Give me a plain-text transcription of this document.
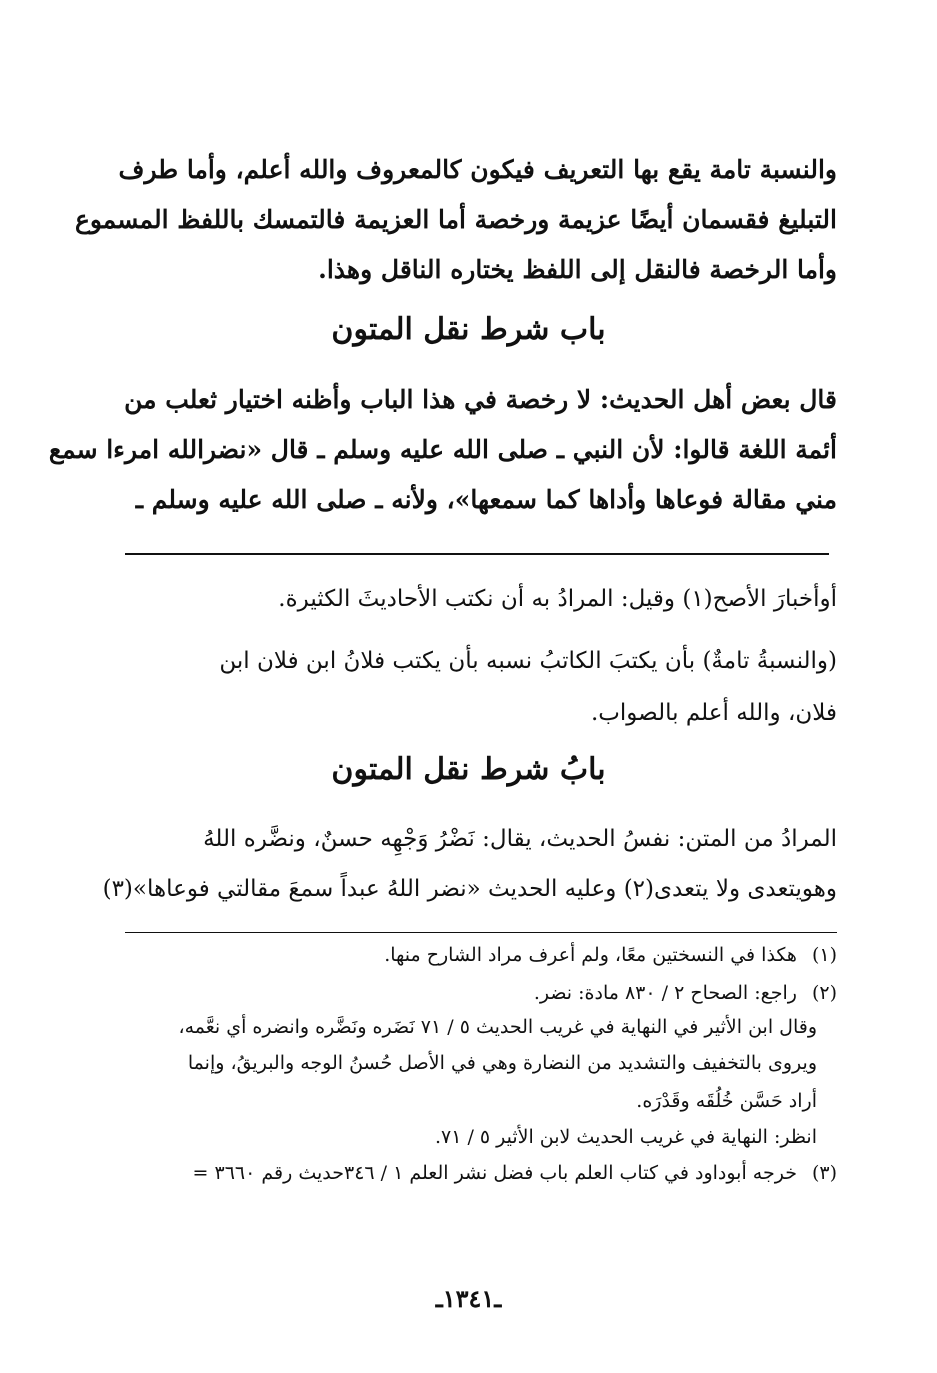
والنسبة تامة يقع بها التعريف فيكون كالمعروف والله أعلم، وأما طرف
التبليغ فقسمان أيضًا عزيمة ورخصة أما العزيمة فالتمسك باللفظ المسموع
وأما الرخصة فالنقل إلى اللفظ يختاره الناقل وهذا.
باب شرط نقل المتون
قال بعض أهل الحديث: لا رخصة في هذا الباب وأظنه اختيار ثعلب من
أئمة اللغة قالوا: لأن النبي ـ صلى الله عليه وسلم ـ قال «نضرالله امرءا سمع
مني مقالة فوعاها وأداها كما سمعها»، ولأنه ـ صلى الله عليه وسلم ـ
أوأخبارَ الأصح(١) وقيل: المرادُ به أن نكتب الأحاديثَ الكثيرة.
(والنسبةُ تامةٌ) بأن يكتبَ الكاتبُ نسبه بأن يكتب فلانُ ابن فلان ابن
فلان، والله أعلم بالصواب.
بابُ شرط نقل المتون
المرادُ من المتن: نفسُ الحديث، يقال: نَضْرُ وَجْهِه حسنٌ، ونضَّره اللهُ
وهويتعدى ولا يتعدى(٢) وعليه الحديث «نضر اللهُ عبداً سمعَ مقالتي فوعاها»(٣)
(١) هكذا في النسختين معًا، ولم أعرف مراد الشارح منها.
(٢) راجع: الصحاح ٢ / ٨٣٠ مادة: نضر.
وقال ابن الأثير في النهاية في غريب الحديث ٥ / ٧١ نَضَره ونَضَّره وانضره أي نعَّمه،
ويروى بالتخفيف والتشديد من النضارة وهي في الأصل حُسنُ الوجه والبريقُ، وإنما
أراد حَسَّن خُلُقَه وقَدْرَه.
انظر: النهاية في غريب الحديث لابن الأثير ٥ / ٧١.
(٣) خرجه أبوداود في كتاب العلم باب فضل نشر العلم ١ / ٣٤٦حديث رقم ٣٦٦٠ =
ـ١٣٤١ـ
